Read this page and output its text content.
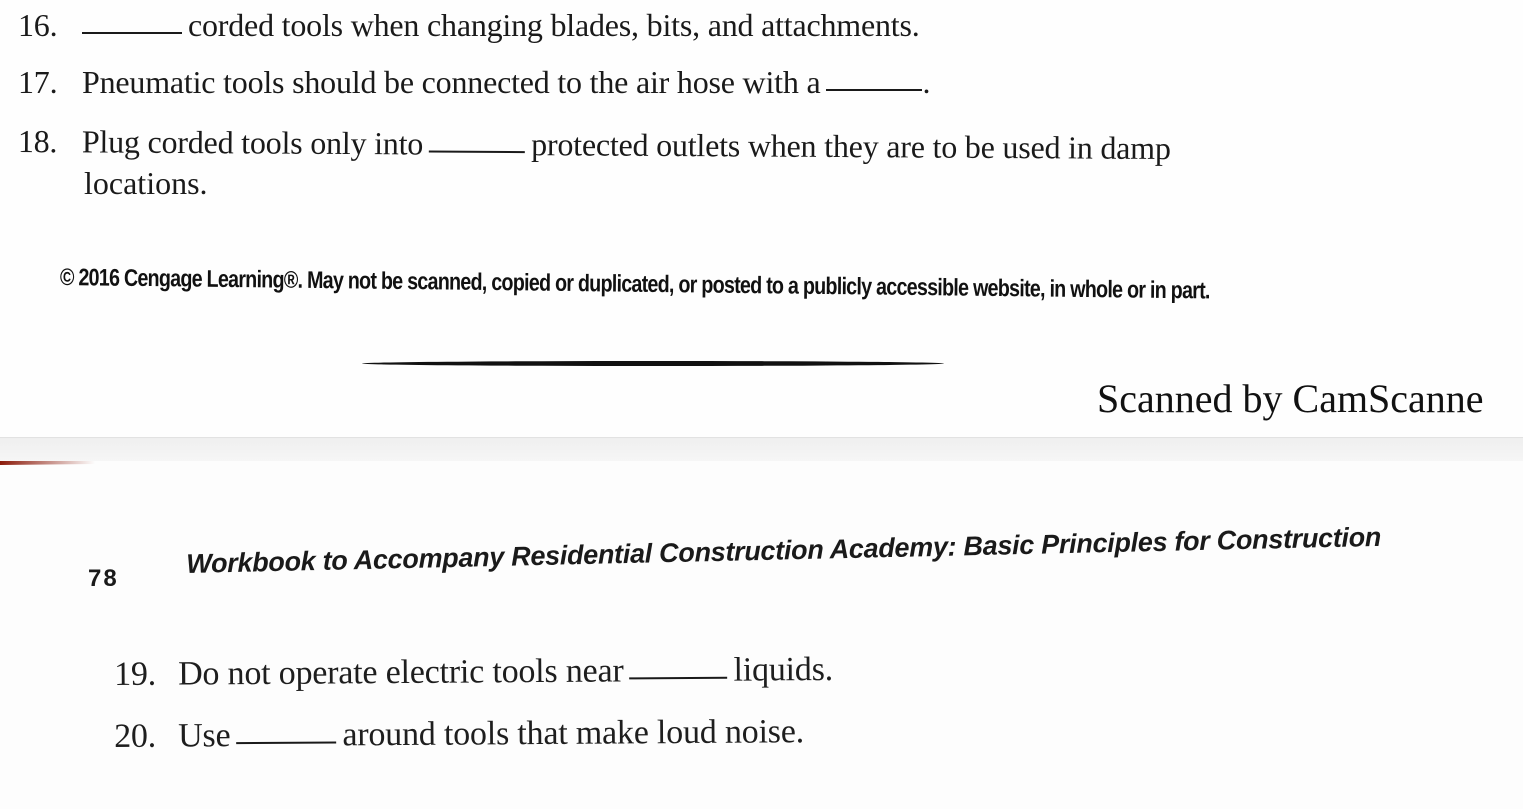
16.	corded tools when changing blades, bits, and attachments.
17. Pneumatic tools should be connected to the air hose with a	.
18. Plug corded tools only into	protected outlets when they are to be used in damp
locations.
© 2016 Cengage Learning®. May not be scanned, copied or duplicated, or posted to a publicly accessible website, in whole or in part.
Scanned by CamScanne
78 Workbook to Accompany Residential Construction Academy: Basic Principles for Construction
19. Do not operate electric tools near	liquids.
20. Use	around tools that make loud noise.
